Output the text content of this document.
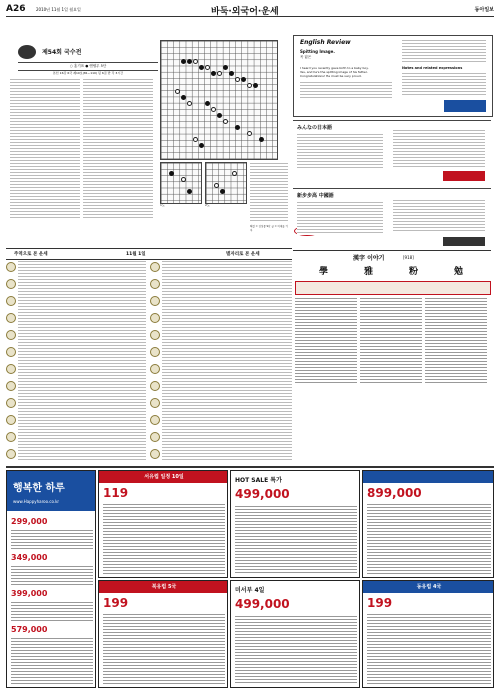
A26	2010년 11월 1일 월요일	바둑·외국어·운세	동아일보
제54회 국수전
○ 홍기표 ● 앤텔무 5단
본선 16강 6국 제10보(81~110) 덤 6집 반 각 3시간
1도	2도
해설 = 김성룡 9단 글 = 이세돌 기자
English Review
Spitting Image.
꼭 닮은
I heard you recently gave birth to a baby boy.
Yes, and he's the spitting image of his father.
Congratulations! He must be very proud.
Notes and related expressions
みんなの日本語
新步步高 中國語
漢字 이야기	[918]
學	雅	粉	勉
주역으로 본 운세	11월 1일	별자리로 본 운세
행복한 하루
www.Happyharoo.co.kr
299,000
349,000
399,000
579,000
서유럽 일정 10일
119
HOT SALE 특가
499,000	899,000
북유럽 5국
199
미서부 4일
499,000
동유럽 4국
199
